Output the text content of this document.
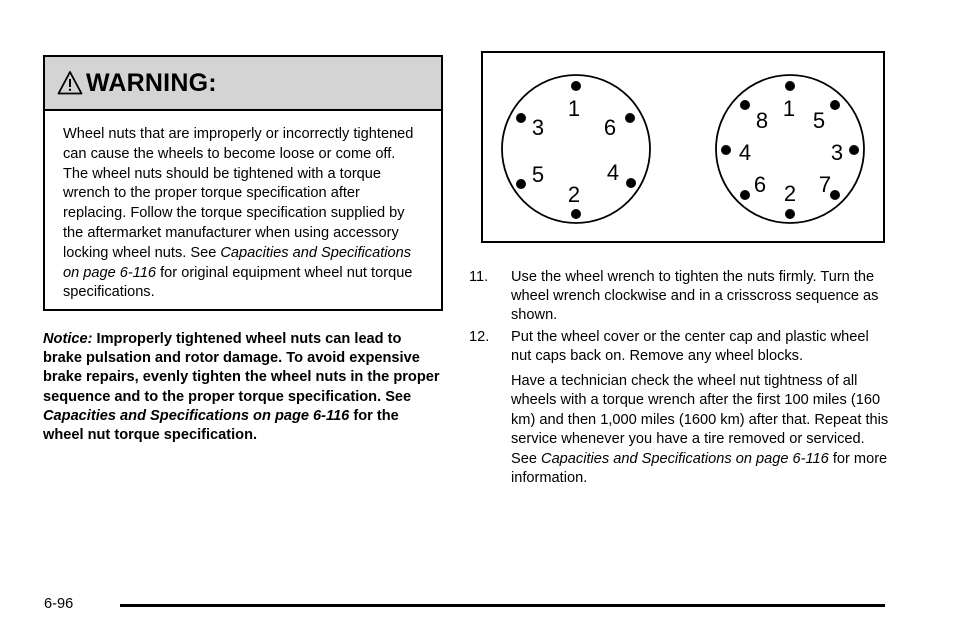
WARNING:
Wheel nuts that are improperly or incorrectly tightened can cause the wheels to become loose or come off. The wheel nuts should be tightened with a torque wrench to the proper torque specification after replacing. Follow the torque specification supplied by the aftermarket manufacturer when using accessory locking wheel nuts. See Capacities and Specifications on page 6-116 for original equipment wheel nut torque specifications.
Notice: Improperly tightened wheel nuts can lead to brake pulsation and rotor damage. To avoid expensive brake repairs, evenly tighten the wheel nuts in the proper sequence and to the proper torque specification. See Capacities and Specifications on page 6-116 for the wheel nut torque specification.
1
6
4
2
5
3
1 5
3
7
2
6
4
8
11. Use the wheel wrench to tighten the nuts firmly. Turn the wheel wrench clockwise and in a crisscross sequence as shown.
12. Put the wheel cover or the center cap and plastic wheel nut caps back on. Remove any wheel blocks.
Have a technician check the wheel nut tightness of all wheels with a torque wrench after the first 100 miles (160 km) and then 1,000 miles (1600 km) after that. Repeat this service whenever you have a tire removed or serviced. See Capacities and Specifications on page 6-116 for more information.
6-96
